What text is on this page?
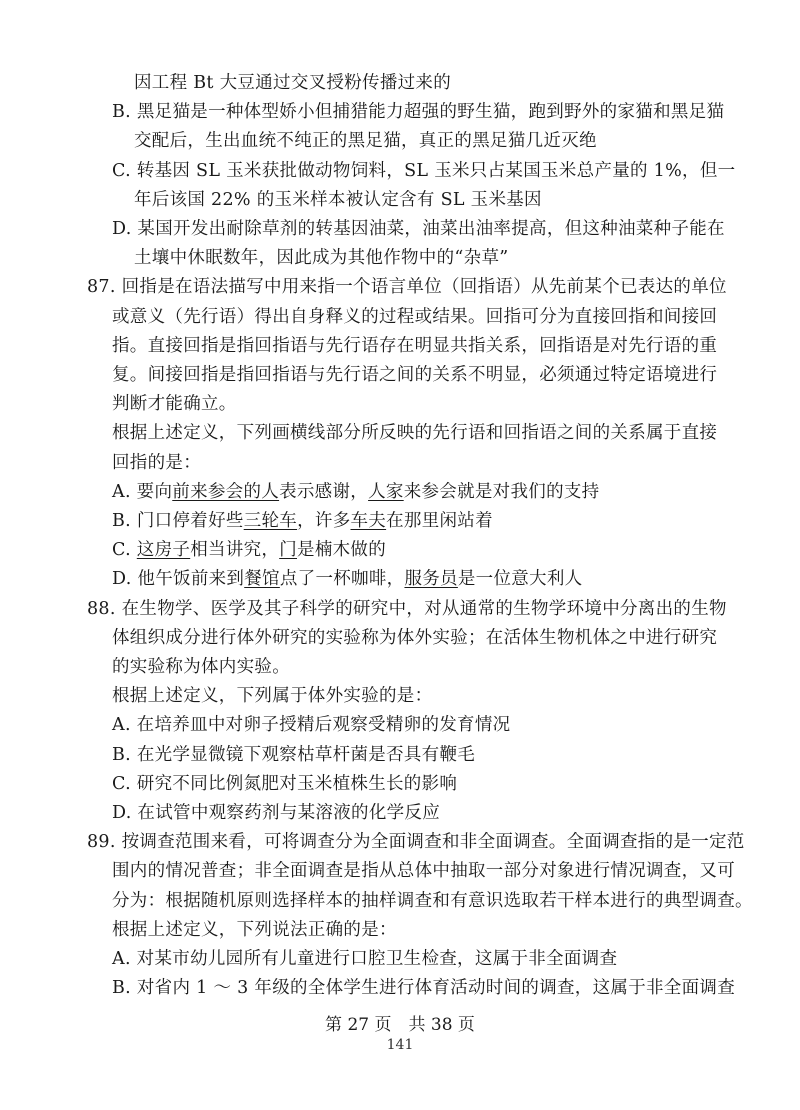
因工程 Bt 大豆通过交叉授粉传播过来的
B. 黑足猫是一种体型娇小但捕猎能力超强的野生猫，跑到野外的家猫和黑足猫
交配后，生出血统不纯正的黑足猫，真正的黑足猫几近灭绝
C. 转基因 SL 玉米获批做动物饲料，SL 玉米只占某国玉米总产量的 1%，但一
年后该国 22% 的玉米样本被认定含有 SL 玉米基因
D. 某国开发出耐除草剂的转基因油菜，油菜出油率提高，但这种油菜种子能在
土壤中休眠数年，因此成为其他作物中的“杂草”
87. 回指是在语法描写中用来指一个语言单位（回指语）从先前某个已表达的单位
或意义（先行语）得出自身释义的过程或结果。回指可分为直接回指和间接回
指。直接回指是指回指语与先行语存在明显共指关系，回指语是对先行语的重
复。间接回指是指回指语与先行语之间的关系不明显，必须通过特定语境进行
判断才能确立。
根据上述定义，下列画横线部分所反映的先行语和回指语之间的关系属于直接
回指的是：
A. 要向前来参会的人表示感谢，人家来参会就是对我们的支持
B. 门口停着好些三轮车，许多车夫在那里闲站着
C. 这房子相当讲究，门是楠木做的
D. 他午饭前来到餐馆点了一杯咖啡，服务员是一位意大利人
88. 在生物学、医学及其子科学的研究中，对从通常的生物学环境中分离出的生物
体组织成分进行体外研究的实验称为体外实验；在活体生物机体之中进行研究
的实验称为体内实验。
根据上述定义，下列属于体外实验的是：
A. 在培养皿中对卵子授精后观察受精卵的发育情况
B. 在光学显微镜下观察枯草杆菌是否具有鞭毛
C. 研究不同比例氮肥对玉米植株生长的影响
D. 在试管中观察药剂与某溶液的化学反应
89. 按调查范围来看，可将调查分为全面调查和非全面调查。全面调查指的是一定范
围内的情况普查；非全面调查是指从总体中抽取一部分对象进行情况调查，又可
分为：根据随机原则选择样本的抽样调查和有意识选取若干样本进行的典型调查。
根据上述定义，下列说法正确的是：
第 27 页　共 38 页
141
A. 对某市幼儿园所有儿童进行口腔卫生检查，这属于非全面调查
B. 对省内 1 ～ 3 年级的全体学生进行体育活动时间的调查，这属于非全面调查
